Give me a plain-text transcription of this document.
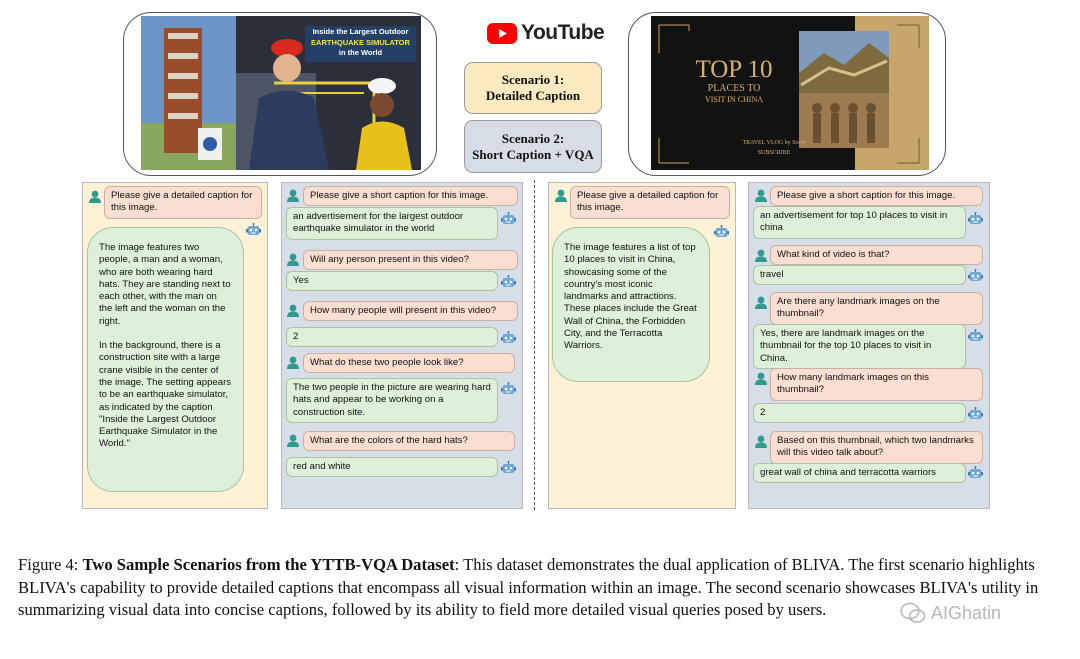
Inside the Largest Outdoor
EARTHQUAKE SIMULATOR
in the World
YouTube
Scenario 1:
Detailed Caption
Scenario 2:
Short Caption + VQA
TOP 10
PLACES TO
VISIT IN CHINA
TRAVEL VLOG by Sorry
SUBSCRIBE
Please give a detailed caption for this image.

The image features two people, a man and a woman, who are both wearing hard hats. They are standing next to each other, with the man on the left and the woman on the right.

In the background, there is a construction site with a large crane visible in the center of the image. The setting appears to be an earthquake simulator, as indicated by the caption "Inside the Largest Outdoor Earthquake Simulator in the World."

Please give a short caption for this image.
an advertisement for the largest outdoor earthquake simulator in the world
Will any person present in this video?
Yes
How many people will present in this video?
2
What do these two people look like?
The two people in the picture are wearing hard hats and appear to be working on a construction site.
What are the colors of the hard hats?
red and white
Please give a detailed caption for this image.
The image features a list of top 10 places to visit in China, showcasing some of the country's most iconic landmarks and attractions. These places include the Great Wall of China, the Forbidden City, and the Terracotta Warriors.
Please give a short caption for this image.
an advertisement for top 10 places to visit in china
What kind of video is that?
travel
Are there any landmark images on the thumbnail?
Yes, there are landmark images on the thumbnail for the top 10 places to visit in China.
How many landmark images on this thumbnail?
2
Based on this thumbnail, which two landmarks will this video talk about?
great wall of china and terracotta warriors
Figure 4: Two Sample Scenarios from the YTTB-VQA Dataset: This dataset demonstrates the dual application of BLIVA. The first scenario highlights BLIVA's capability to provide detailed captions that encompass all visual information within an image. The second scenario showcases BLIVA's utility in summarizing visual data into concise captions, followed by its ability to field more detailed visual queries posed by users.	AIGhatin
